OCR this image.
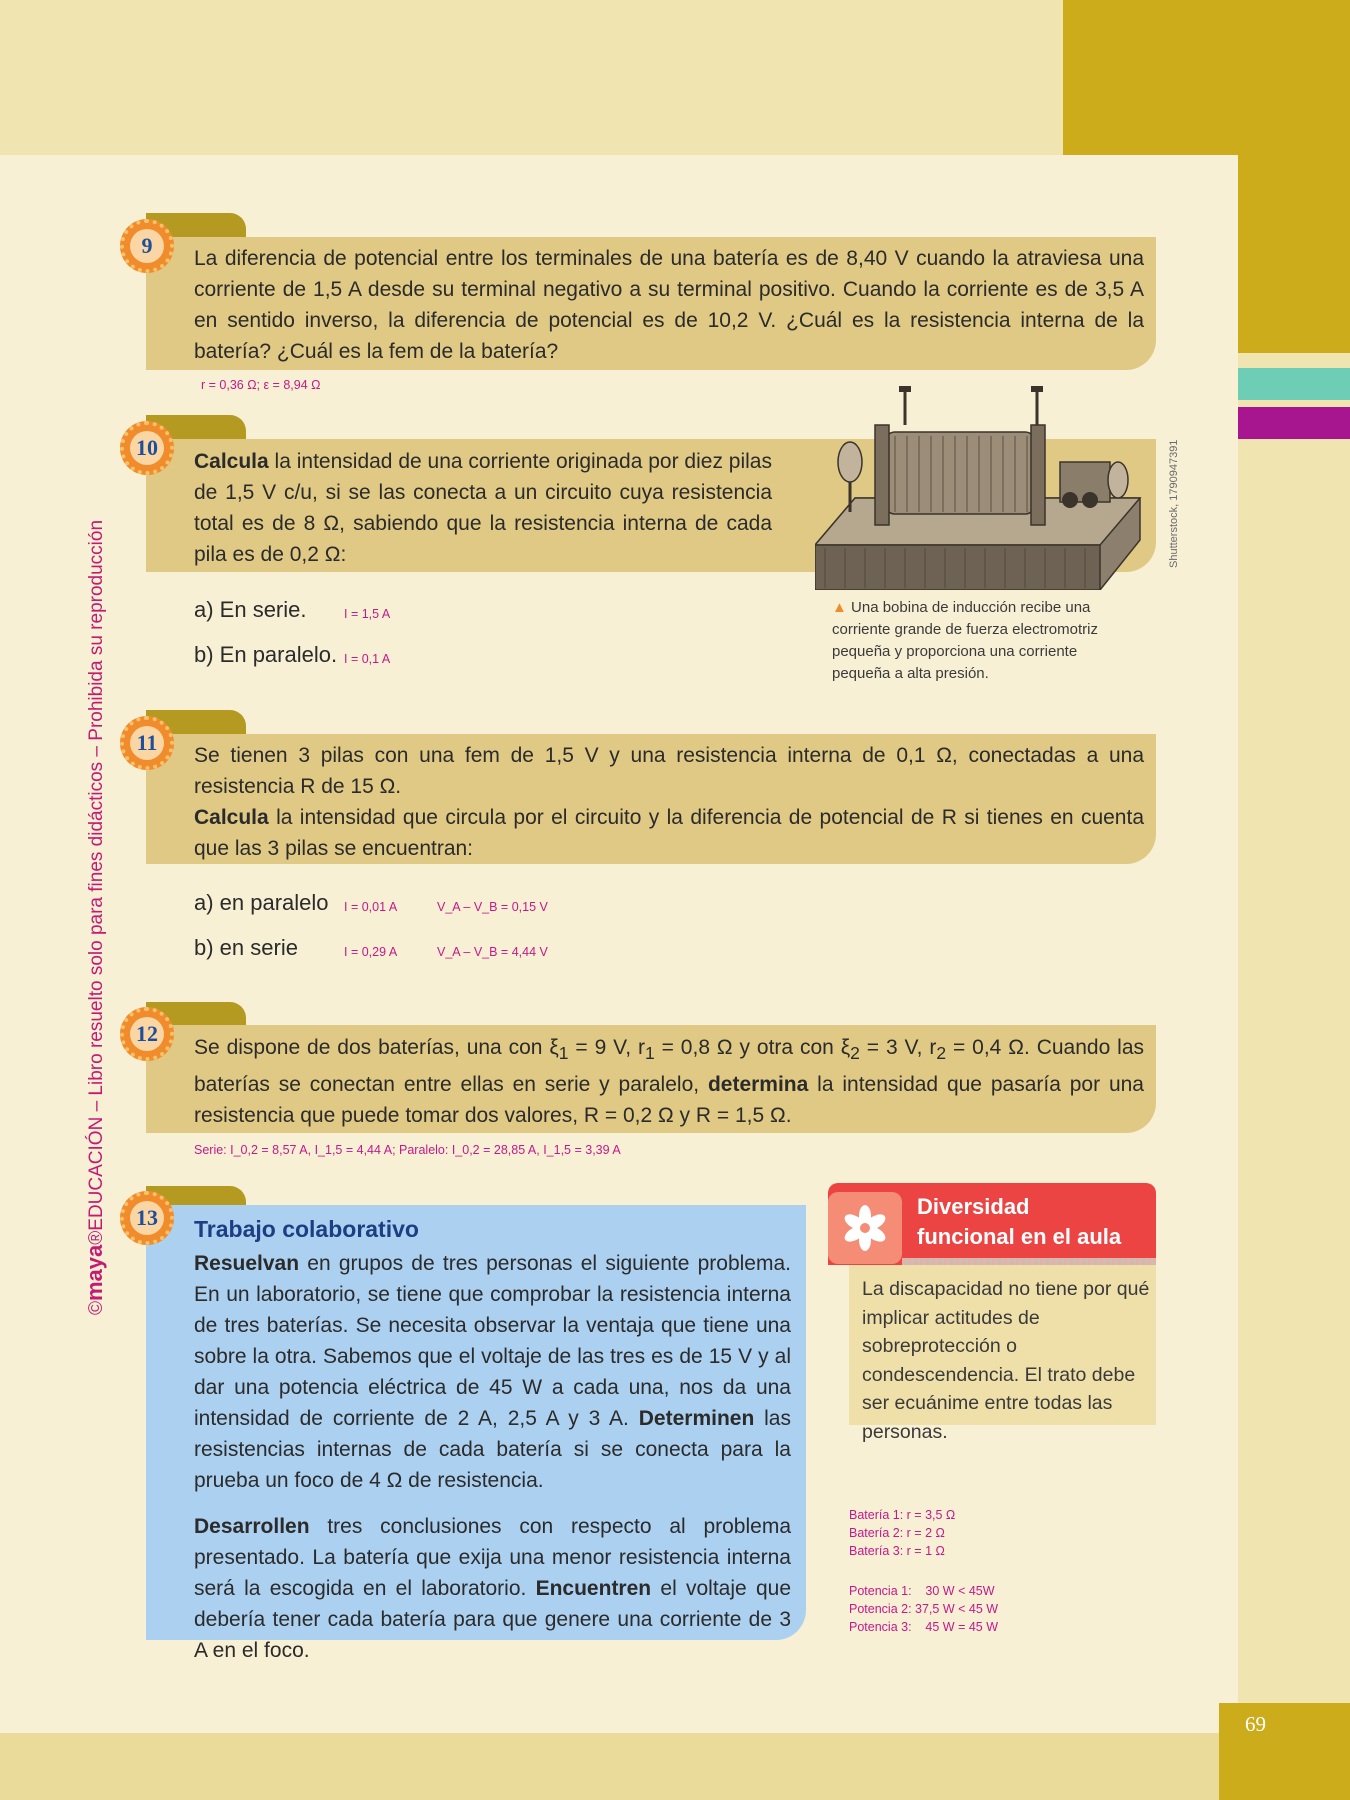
69
©maya®EDUCACIÓN – Libro resuelto solo para fines didácticos – Prohibida su reproducción
9
La diferencia de potencial entre los terminales de una batería es de 8,40 V cuando la atraviesa una corriente de 1,5 A desde su terminal negativo a su terminal positivo. Cuando la corriente es de 3,5 A en sentido inverso, la diferencia de potencial es de 10,2 V. ¿Cuál es la resistencia interna de la batería? ¿Cuál es la fem de la batería?
r = 0,36 Ω; ε = 8,94 Ω
10
Calcula la intensidad de una corriente originada por diez pilas de 1,5 V c/u, si se las conecta a un circuito cuya resistencia total es de 8 Ω, sabiendo que la resistencia interna de cada pila es de 0,2 Ω:
a) En serie.	I = 1,5 A
b) En paralelo. I = 0,1 A
▲ Una bobina de inducción recibe una corriente grande de fuerza electromotriz pequeña y proporciona una corriente pequeña a alta presión.
Shutterstock, 1790947391
11
Se tienen 3 pilas con una fem de 1,5 V y una resistencia interna de 0,1 Ω, conectadas a una resistencia R de 15 Ω.
Calcula la intensidad que circula por el circuito y la diferencia de potencial de R si tienes en cuenta que las 3 pilas se encuentran:
a) en paralelo I = 0,01 A	V_A – V_B = 0,15 V
b) en serie	I = 0,29 A	V_A – V_B = 4,44 V
12
Se dispone de dos baterías, una con $\xi_1 = 9$ V, $r_1 = 0,8$ Ω y otra con $\xi_2 = 3$ V, $r_2 = 0,4$ Ω. Cuando las baterías se conectan entre ellas en serie y paralelo, determina la intensidad que pasaría por una resistencia que puede tomar dos valores, R = 0,2 Ω y R = 1,5 Ω.
Serie: I_0,2 = 8,57 A, I_1,5 = 4,44 A; Paralelo: I_0,2 = 28,85 A, I_1,5 = 3,39 A
13 Trabajo colaborativo
Resuelvan en grupos de tres personas el siguiente problema. En un laboratorio, se tiene que comprobar la resistencia interna de tres baterías. Se necesita observar la ventaja que tiene una sobre la otra. Sabemos que el voltaje de las tres es de 15 V y al dar una potencia eléctrica de 45 W a cada una, nos da una intensidad de corriente de 2 A, 2,5 A y 3 A. Determinen las resistencias internas de cada batería si se conecta para la prueba un foco de 4 Ω de resistencia.
Desarrollen tres conclusiones con respecto al problema presentado. La batería que exija una menor resistencia interna será la escogida en el laboratorio. Encuentren el voltaje que debería tener cada batería para que genere una corriente de 3 A en el foco.
Diversidad
funcional en el aula
La discapacidad no tiene por qué implicar actitudes de sobreprotección o condescendencia. El trato debe ser ecuánime entre todas las personas.
Batería 1: r = 3,5 Ω
Batería 2: r = 2 Ω
Batería 3: r = 1 Ω
Potencia 1:    30 W < 45W
Potencia 2: 37,5 W < 45 W
Potencia 3:    45 W = 45 W
